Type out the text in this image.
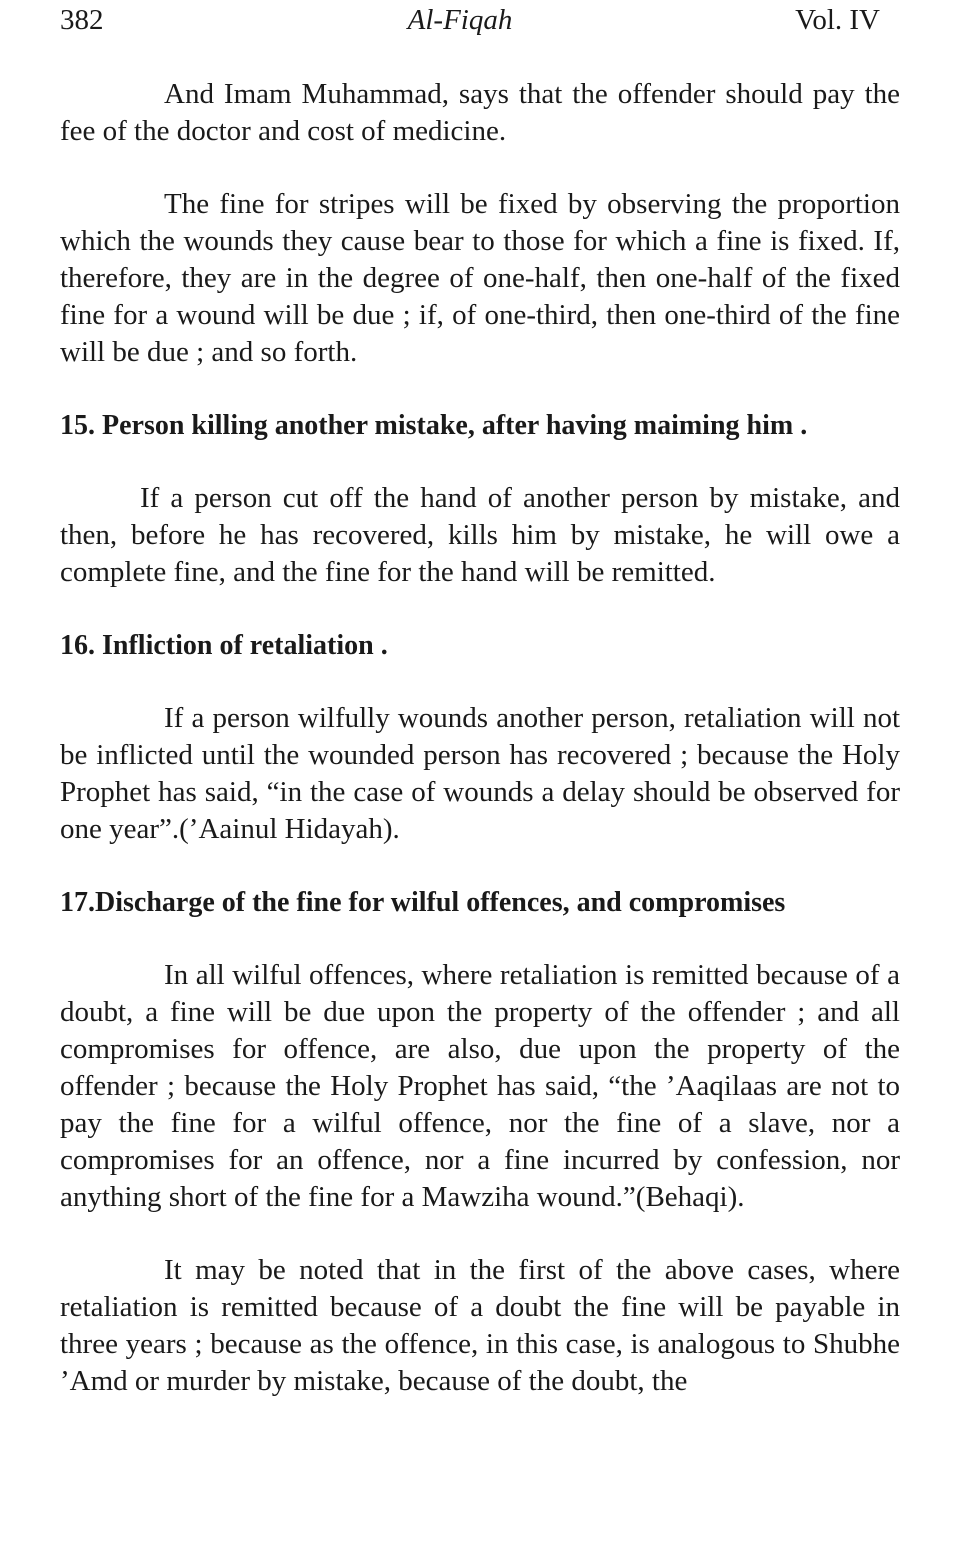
382	Al-Fiqah	Vol. IV

And Imam Muhammad, says that the offender should pay the fee of the doctor and cost of medicine.

The fine for stripes will be fixed by observing the proportion which the wounds they cause bear to those for which a fine is fixed. If, therefore, they are in the degree of one-half, then one-half of the fixed fine for a wound will be due ; if, of one-third, then one-third of the fine will be due ; and so forth.

15. Person killing another mistake, after having maiming him .

If a person cut off the hand of another person by mistake, and then, before he has recovered, kills him by mistake, he will owe a complete fine, and the fine for the hand will be remitted.

16. Infliction of retaliation .

If a person wilfully wounds another person, retaliation will not be inflicted until the wounded person has recovered ; because the Holy Prophet has said, “in the case of wounds a delay should be observed for one year”.(’Aainul Hidayah).

17.Discharge of the fine for wilful offences, and compromises

In all wilful offences, where retaliation is remitted because of a doubt, a fine will be due upon the property of the offender ; and all compromises for offence, are also, due upon the property of the offender ; because the Holy Prophet has said, “the ’Aaqilaas are not to pay the fine for a wilful offence, nor the fine of a slave, nor a compromises for an offence, nor a fine incurred by confession, nor anything short of the fine for a Mawziha wound.”(Behaqi).

It may be noted that in the first of the above cases, where retaliation is remitted because of a doubt the fine will be payable in three years ; because as the offence, in this case, is analogous to Shubhe ’Amd or murder by mistake, because of the doubt, the
